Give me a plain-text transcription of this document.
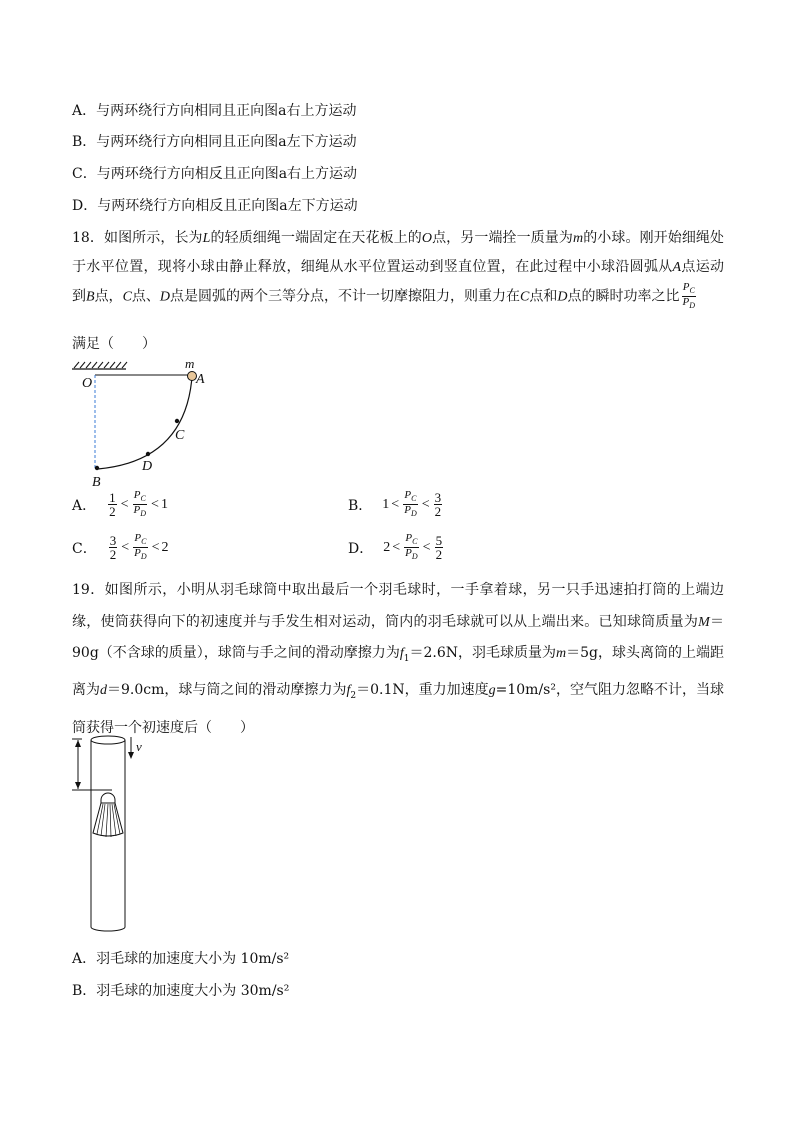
A．与两环绕行方向相同且正向图a右上方运动
B．与两环绕行方向相同且正向图a左下方运动
C．与两环绕行方向相反且正向图a右上方运动
D．与两环绕行方向相反且正向图a左下方运动
18．如图所示，长为L的轻质细绳一端固定在天花板上的O点，另一端拴一质量为m的小球。刚开始细绳处于水平位置，现将小球由静止释放，细绳从水平位置运动到竖直位置，在此过程中小球沿圆弧从A点运动到B点，C点、D点是圆弧的两个三等分点，不计一切摩擦阻力，则重力在C点和D点的瞬时功率之比 $\frac{P_C}{P_D}$
满足（　　）
m
O	A
C
D
B
A． $\frac{1}{2} < \frac{P_C}{P_D} < 1$	B． $1 < \frac{P_C}{P_D} < \frac{3}{2}$
C． $\frac{3}{2} < \frac{P_C}{P_D} < 2$	D． $2 < \frac{P_C}{P_D} < \frac{5}{2}$
19．如图所示，小明从羽毛球筒中取出最后一个羽毛球时，一手拿着球，另一只手迅速拍打筒的上端边缘，使筒获得向下的初速度并与手发生相对运动，筒内的羽毛球就可以从上端出来。已知球筒质量为M＝90g（不含球的质量），球筒与手之间的滑动摩擦力为$f_1=2.6N$，羽毛球质量为m＝5g，球头离筒的上端距离为d＝9.0cm，球与筒之间的滑动摩擦力为$f_2=0.1N$，重力加速度g=10m/s²，空气阻力忽略不计，当球筒获得一个初速度后（　　）
v
A．羽毛球的加速度大小为 10m/s²
B．羽毛球的加速度大小为 30m/s²
